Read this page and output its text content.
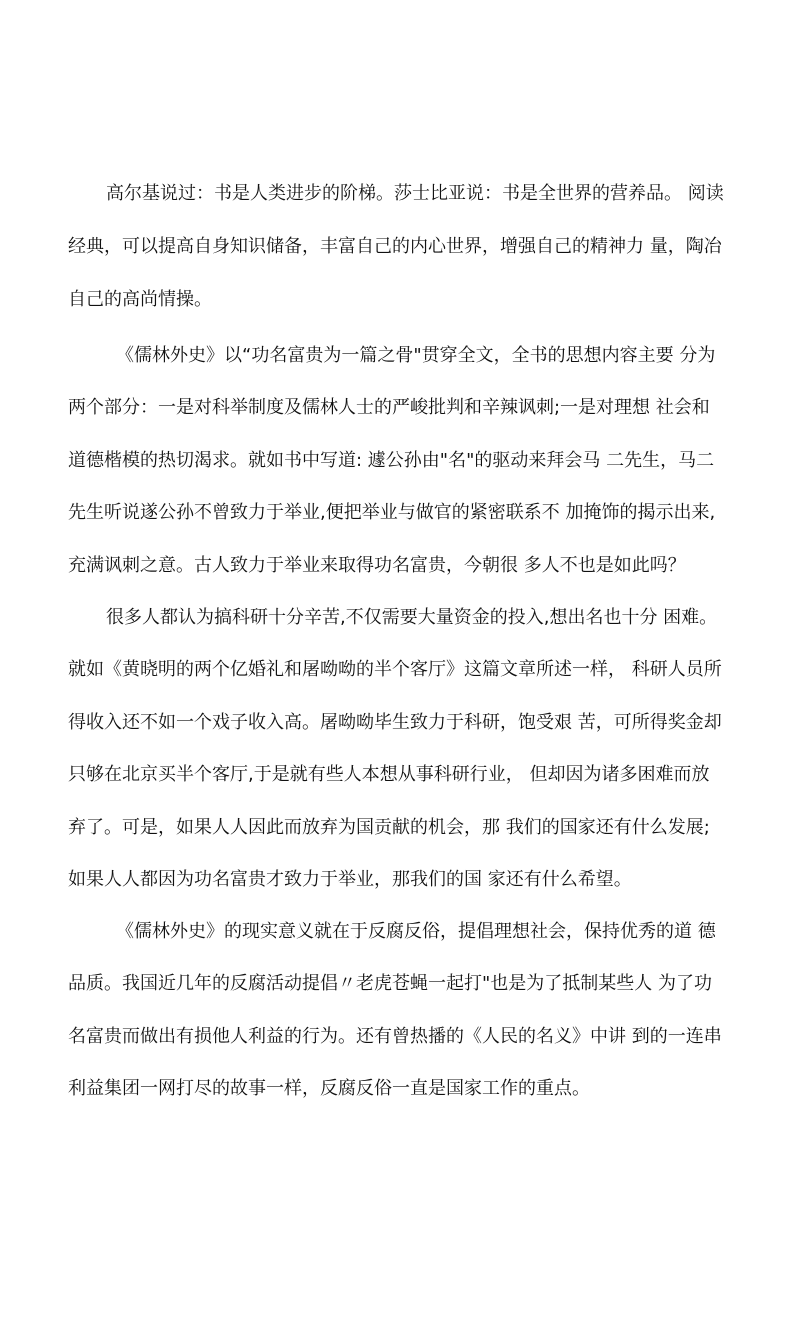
高尔基说过：书是人类进步的阶梯。莎士比亚说：书是全世界的营养品。 阅读
经典，可以提高自身知识储备，丰富自己的内心世界，增强自己的精神力 量，陶冶
自己的高尚情操。
《儒林外史》以“功名富贵为一篇之骨"贯穿全文，全书的思想内容主要 分为
两个部分：一是对科举制度及儒林人士的严峻批判和辛辣讽刺;一是对理想 社会和
道德楷模的热切渴求。就如书中写道: 遽公孙由"名"的驱动来拜会马 二先生，马二
先生听说遂公孙不曾致力于举业,便把举业与做官的紧密联系不 加掩饰的揭示出来,
充满讽刺之意。古人致力于举业来取得功名富贵，今朝很 多人不也是如此吗？
很多人都认为搞科研十分辛苦,不仅需要大量资金的投入,想出名也十分 困难。
就如《黄晓明的两个亿婚礼和屠呦呦的半个客厅》这篇文章所述一样， 科研人员所
得收入还不如一个戏子收入高。屠呦呦毕生致力于科研，饱受艰 苦，可所得奖金却
只够在北京买半个客厅,于是就有些人本想从事科研行业， 但却因为诸多困难而放
弃了。可是，如果人人因此而放弃为国贡献的机会，那 我们的国家还有什么发展;
如果人人都因为功名富贵才致力于举业，那我们的国 家还有什么希望。
《儒林外史》的现实意义就在于反腐反俗，提倡理想社会，保持优秀的道 德
品质。我国近几年的反腐活动提倡〃老虎苍蝇一起打"也是为了抵制某些人 为了功
名富贵而做出有损他人利益的行为。还有曾热播的《人民的名义》中讲 到的一连串
利益集团一网打尽的故事一样，反腐反俗一直是国家工作的重点。
